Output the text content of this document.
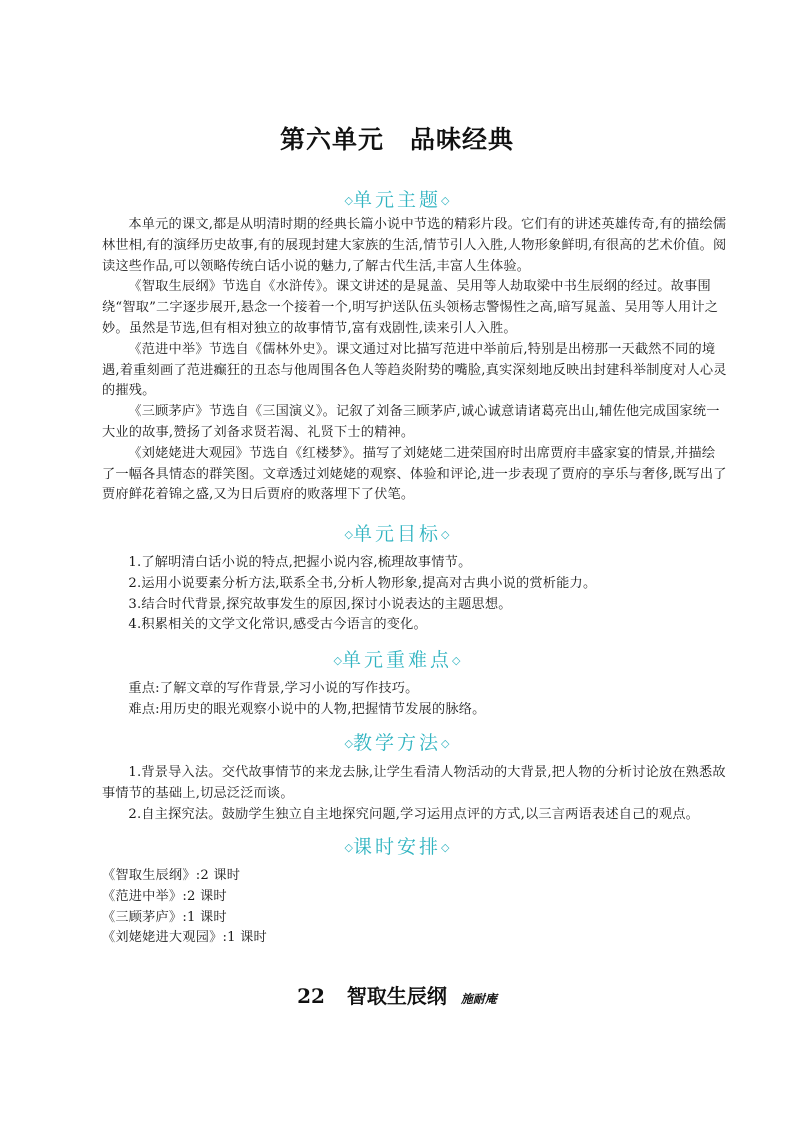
第六单元　品味经典
◇单元主题◇

本单元的课文,都是从明清时期的经典长篇小说中节选的精彩片段。它们有的讲述英雄传奇,有的描绘儒林世相,有的演绎历史故事,有的展现封建大家族的生活,情节引人入胜,人物形象鲜明,有很高的艺术价值。阅读这些作品,可以领略传统白话小说的魅力,了解古代生活,丰富人生体验。

《智取生辰纲》节选自《水浒传》。课文讲述的是晁盖、吴用等人劫取梁中书生辰纲的经过。故事围绕“智取”二字逐步展开,悬念一个接着一个,明写护送队伍头领杨志警惕性之高,暗写晁盖、吴用等人用计之妙。虽然是节选,但有相对独立的故事情节,富有戏剧性,读来引人入胜。

《范进中举》节选自《儒林外史》。课文通过对比描写范进中举前后,特别是出榜那一天截然不同的境遇,着重刻画了范进癫狂的丑态与他周围各色人等趋炎附势的嘴脸,真实深刻地反映出封建科举制度对人心灵的摧残。

《三顾茅庐》节选自《三国演义》。记叙了刘备三顾茅庐,诚心诚意请诸葛亮出山,辅佐他完成国家统一大业的故事,赞扬了刘备求贤若渴、礼贤下士的精神。

《刘姥姥进大观园》节选自《红楼梦》。描写了刘姥姥二进荣国府时出席贾府丰盛家宴的情景,并描绘了一幅各具情态的群笑图。文章透过刘姥姥的观察、体验和评论,进一步表现了贾府的享乐与奢侈,既写出了贾府鲜花着锦之盛,又为日后贾府的败落埋下了伏笔。

◇单元目标◇

1.了解明清白话小说的特点,把握小说内容,梳理故事情节。

2.运用小说要素分析方法,联系全书,分析人物形象,提高对古典小说的赏析能力。

3.结合时代背景,探究故事发生的原因,探讨小说表达的主题思想。

4.积累相关的文学文化常识,感受古今语言的变化。

◇单元重难点◇

重点:了解文章的写作背景,学习小说的写作技巧。

难点:用历史的眼光观察小说中的人物,把握情节发展的脉络。

◇教学方法◇

1.背景导入法。交代故事情节的来龙去脉,让学生看清人物活动的大背景,把人物的分析讨论放在熟悉故事情节的基础上,切忌泛泛而谈。

2.自主探究法。鼓励学生独立自主地探究问题,学习运用点评的方式,以三言两语表述自己的观点。

◇课时安排◇

《智取生辰纲》:2 课时

《范进中举》:2 课时

《三顾茅庐》:1 课时

《刘姥姥进大观园》:1 课时

22 智取生辰纲 施耐庵
